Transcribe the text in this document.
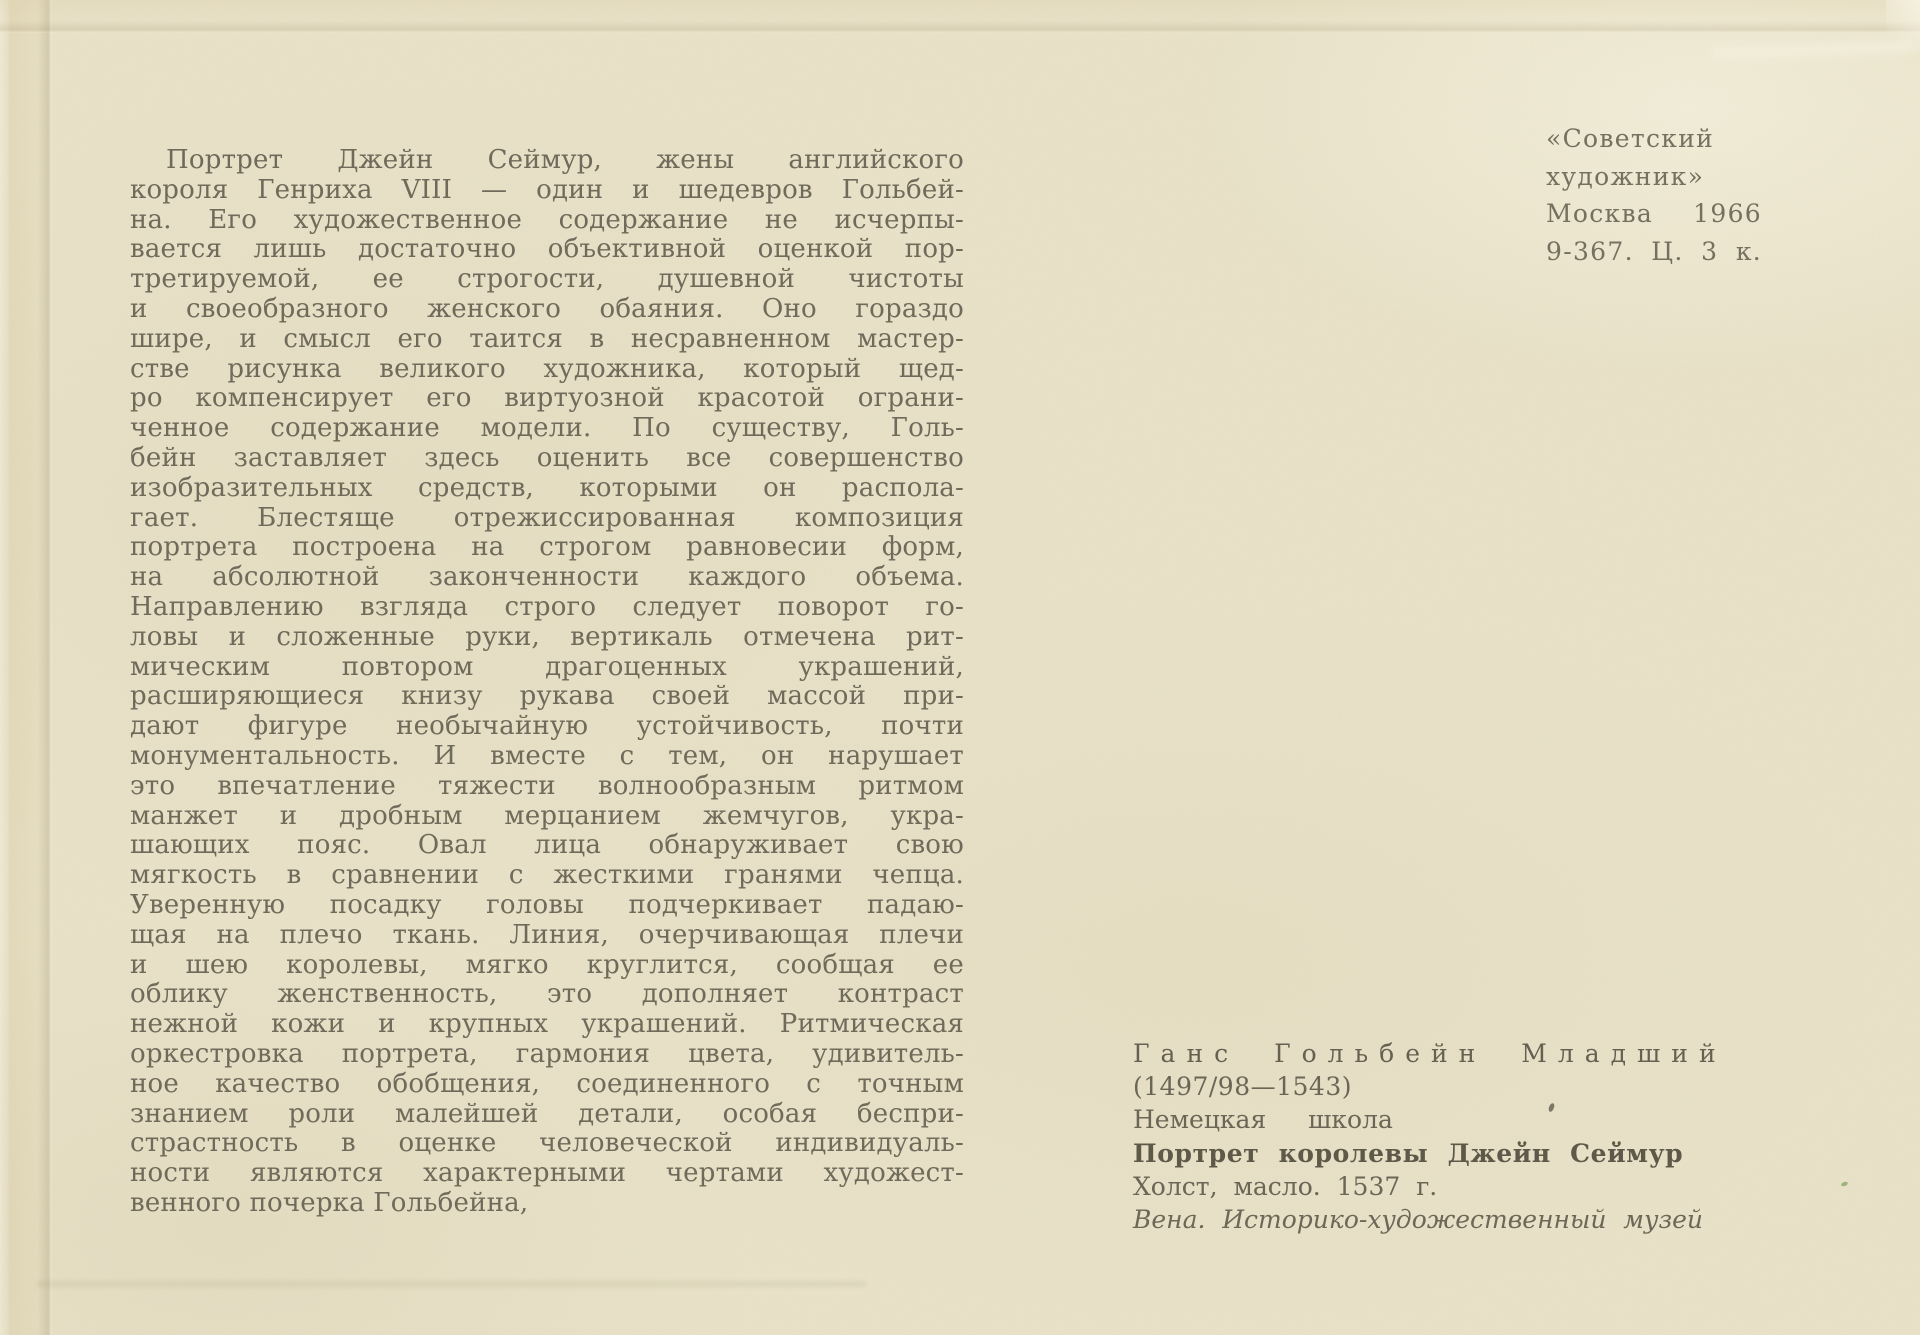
Портрет Джейн Сеймур, жены английского
короля Генриха VIII — один и шедевров Гольбей-
на. Его художественное содержание не исчерпы-
вается лишь достаточно объективной оценкой пор-
третируемой, ее строгости, душевной чистоты
и своеобразного женского обаяния. Оно гораздо
шире, и смысл его таится в несравненном мастер-
стве рисунка великого художника, который щед-
ро компенсирует его виртуозной красотой ограни-
ченное содержание модели. По существу, Голь-
бейн заставляет здесь оценить все совершенство
изобразительных средств, которыми он распола-
гает. Блестяще отрежиссированная композиция
портрета построена на строгом равновесии форм,
на абсолютной законченности каждого объема.
Направлению взгляда строго следует поворот го-
ловы и сложенные руки, вертикаль отмечена рит-
мическим повтором драгоценных украшений,
расширяющиеся книзу рукава своей массой при-
дают фигуре необычайную устойчивость, почти
монументальность. И вместе с тем, он нарушает
это впечатление тяжести волнообразным ритмом
манжет и дробным мерцанием жемчугов, укра-
шающих пояс. Овал лица обнаруживает свою
мягкость в сравнении с жесткими гранями чепца.
Уверенную посадку головы подчеркивает падаю-
щая на плечо ткань. Линия, очерчивающая плечи
и шею королевы, мягко круглится, сообщая ее
облику женственность, это дополняет контраст
нежной кожи и крупных украшений. Ритмическая
оркестровка портрета, гармония цвета, удивитель-
ное качество обобщения, соединенного с точным
знанием роли малейшей детали, особая беспри-
страстность в оценке человеческой индивидуаль-
ности являются характерными чертами художест-
венного почерка Гольбейна,
«Советский
художник»
Москва 1966
9-367. Ц. 3 к.
Ганс Гольбейн Младший
(1497/98—1543)
Немецкая школа
Портрет королевы Джейн Сеймур
Холст, масло. 1537 г.
Вена. Историко-художественный музей
